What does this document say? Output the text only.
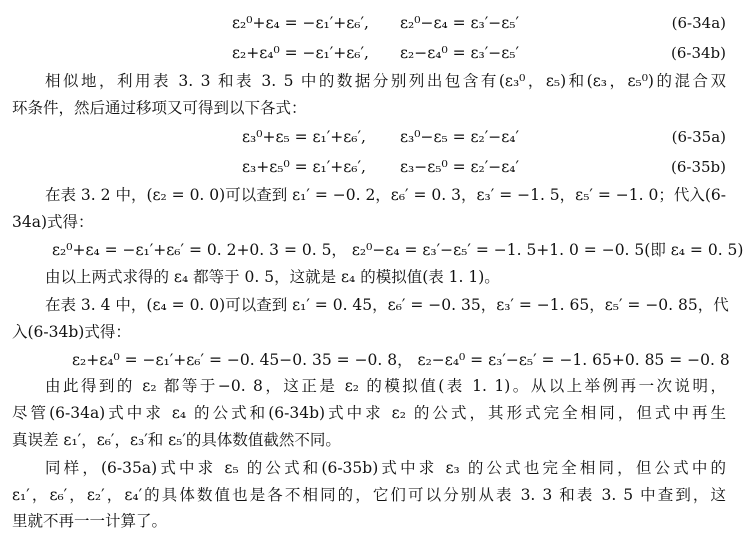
ε₂⁰+ε₄ = −ε₁′+ε₆′, ε₂⁰−ε₄ = ε₃′−ε₅′	(6-34a)
ε₂+ε₄⁰ = −ε₁′+ε₆′, ε₂−ε₄⁰ = ε₃′−ε₅′	(6-34b)
相似地，利用表 3. 3 和表 3. 5 中的数据分别列出包含有(ε₃⁰，ε₅)和(ε₃，ε₅⁰)的混合双
环条件，然后通过移项又可得到以下各式：
ε₃⁰+ε₅ = ε₁′+ε₆′, ε₃⁰−ε₅ = ε₂′−ε₄′	(6-35a)
ε₃+ε₅⁰ = ε₁′+ε₆′, ε₃−ε₅⁰ = ε₂′−ε₄′	(6-35b)
在表 3. 2 中，(ε₂ = 0. 0)可以查到 ε₁′ = −0. 2，ε₆′ = 0. 3，ε₃′ = −1. 5，ε₅′ = −1. 0；代入(6-
34a)式得：
ε₂⁰+ε₄ = −ε₁′+ε₆′ = 0. 2+0. 3 = 0. 5， ε₂⁰−ε₄ = ε₃′−ε₅′ = −1. 5+1. 0 = −0. 5(即 ε₄ = 0. 5)
由以上两式求得的 ε₄ 都等于 0. 5，这就是 ε₄ 的模拟值(表 1. 1)。
在表 3. 4 中，(ε₄ = 0. 0)可以查到 ε₁′ = 0. 45，ε₆′ = −0. 35，ε₃′ = −1. 65，ε₅′ = −0. 85，代
入(6-34b)式得：
ε₂+ε₄⁰ = −ε₁′+ε₆′ = −0. 45−0. 35 = −0. 8， ε₂−ε₄⁰ = ε₃′−ε₅′ = −1. 65+0. 85 = −0. 8
由此得到的 ε₂ 都等于−0. 8，这正是 ε₂ 的模拟值(表 1. 1)。从以上举例再一次说明，
尽管(6-34a)式中求 ε₄ 的公式和(6-34b)式中求 ε₂ 的公式，其形式完全相同，但式中再生
真误差 ε₁′，ε₆′，ε₃′和 ε₅′的具体数值截然不同。
同样，(6-35a)式中求 ε₅ 的公式和(6-35b)式中求 ε₃ 的公式也完全相同，但公式中的
ε₁′，ε₆′，ε₂′，ε₄′的具体数值也是各不相同的，它们可以分别从表 3. 3 和表 3. 5 中查到，这
里就不再一一计算了。
